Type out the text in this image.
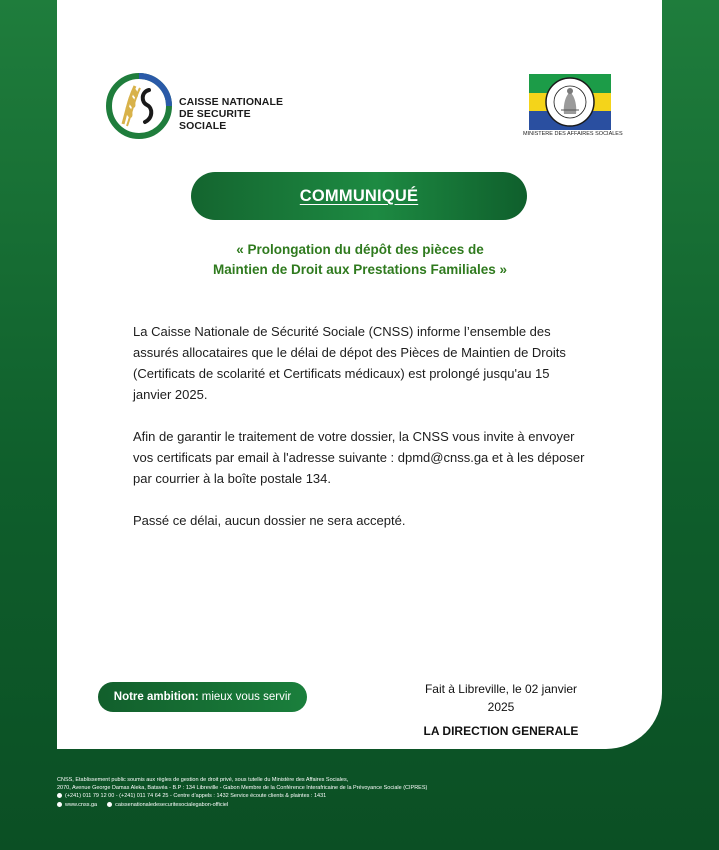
CAISSE NATIONALE
DE SECURITE SOCIALE
MINISTERE DES AFFAIRES SOCIALES
COMMUNIQUÉ
« Prolongation du dépôt des pièces de
Maintien de Droit aux Prestations Familiales »

La Caisse Nationale de Sécurité Sociale (CNSS) informe l’ensemble des assurés allocataires que le délai de dépot des Pièces de Maintien de Droits (Certificats de scolarité et Certificats médicaux) est prolongé jusqu'au 15 janvier 2025.

Afin de garantir le traitement de votre dossier, la CNSS vous invite à envoyer vos certificats par email à l'adresse suivante : dpmd@cnss.ga et à les déposer par courrier à la boîte postale 134.

Passé ce délai, aucun dossier ne sera accepté.

Notre ambition: mieux vous servir
Fait à Libreville, le 02 janvier 2025
LA DIRECTION GENERALE
CNSS, Etablissement public soumis aux règles de gestion de droit privé, sous tutelle du Ministère des Affaires Sociales,
2070, Avenue George Damas Aleka, Batavéa - B.P : 134 Libreville - Gabon Membre de la Conférence Interafricaine de la Prévoyance Sociale (CIPRES)
(+241) 011 79 12 00 - (+241) 011 74 64 25 - Centre d’appels : 1432 Service écoute clients & plaintes : 1431
www.cnss.ga	caissenationaledesecuritesocialegabon-officiel
